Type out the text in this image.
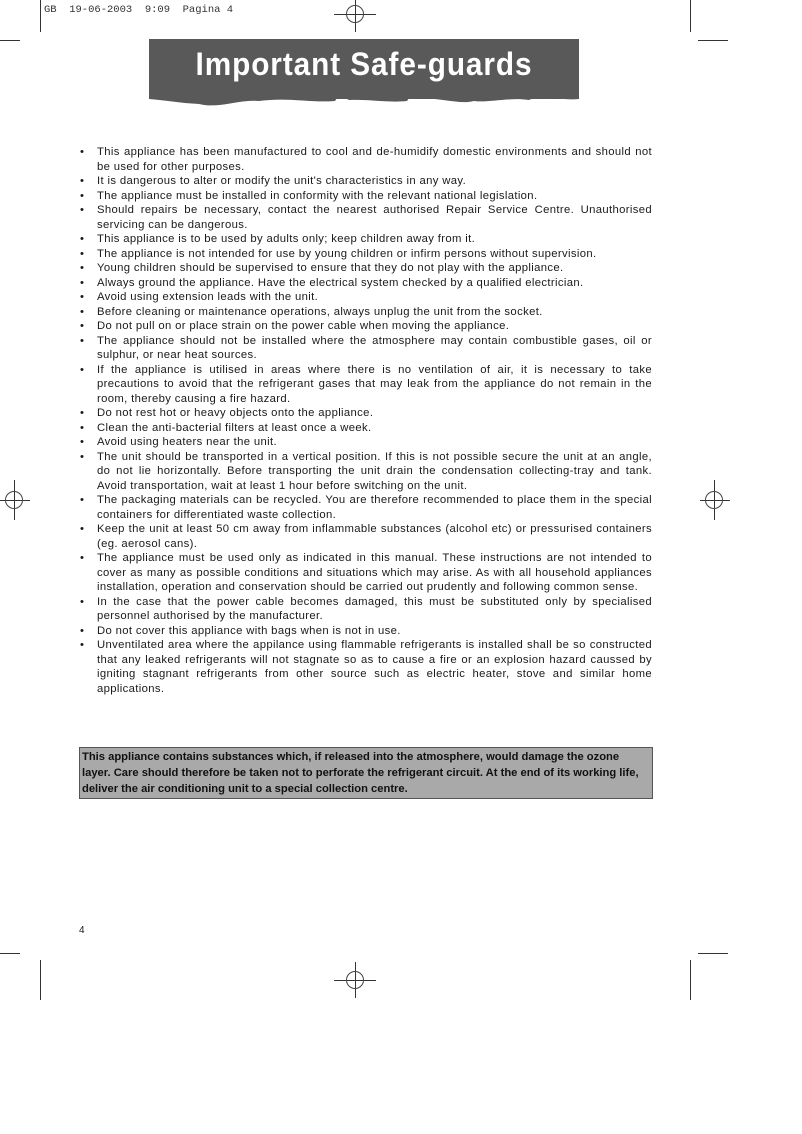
GB  19-06-2003  9:09  Pagina 4
Important Safe-guards
• This appliance has been manufactured to cool and de-humidify domestic environments and should not be used for other purposes.
• It is dangerous to alter or modify the unit's characteristics in any way.
• The appliance must be installed in conformity with the relevant national legislation.
• Should repairs be necessary, contact the nearest authorised Repair Service Centre. Unauthorised servicing can be dangerous.
• This appliance is to be used by adults only; keep children away from it.
• The appliance is not intended for use by young children or infirm persons without supervision.
• Young children should be supervised to ensure that they do not play with the appliance.
• Always ground the appliance. Have the electrical system checked by a qualified electrician.
• Avoid using extension leads with the unit.
• Before cleaning or maintenance operations, always unplug the unit from the socket.
• Do not pull on or place strain on the power cable when moving the appliance.
• The appliance should not be installed where the atmosphere may contain combustible gases, oil or sulphur, or near heat sources.
• If the appliance is utilised in areas where there is no ventilation of air, it is necessary to take precautions to avoid that the refrigerant gases that may leak from the appliance do not remain in the room, thereby causing a fire hazard.
• Do not rest hot or heavy objects onto the appliance.
• Clean the anti-bacterial filters at least once a week.
• Avoid using heaters near the unit.
• The unit should be transported in a vertical position. If this is not possible secure the unit at an angle, do not lie horizontally. Before transporting the unit drain the condensation collecting-tray and tank. Avoid transportation, wait at least 1 hour before switching on the unit.
• The packaging materials can be recycled. You are therefore recommended to place them in the special containers for differentiated waste collection.
• Keep the unit at least 50 cm away from inflammable substances (alcohol etc) or pressurised containers (eg. aerosol cans).
• The appliance must be used only as indicated in this manual. These instructions are not intended to cover as many as possible conditions and situations which may arise. As with all household appliances installation, operation and conservation should be carried out prudently and following common sense.
• In the case that the power cable becomes damaged, this must be substituted only by specialised personnel authorised by the manufacturer.
• Do not cover this appliance with bags when is not in use.
• Unventilated area where the appilance using flammable refrigerants is installed shall be so constructed that any leaked refrigerants will not stagnate so as to cause a fire or an explosion hazard caussed by igniting stagnant refrigerants from other source such as electric heater, stove and similar home applications.
This appliance contains substances which, if released into the atmosphere, would damage the ozone layer. Care should therefore be taken not to perforate the refrigerant circuit. At the end of its working life, deliver the air conditioning unit to a special collection centre.
4
